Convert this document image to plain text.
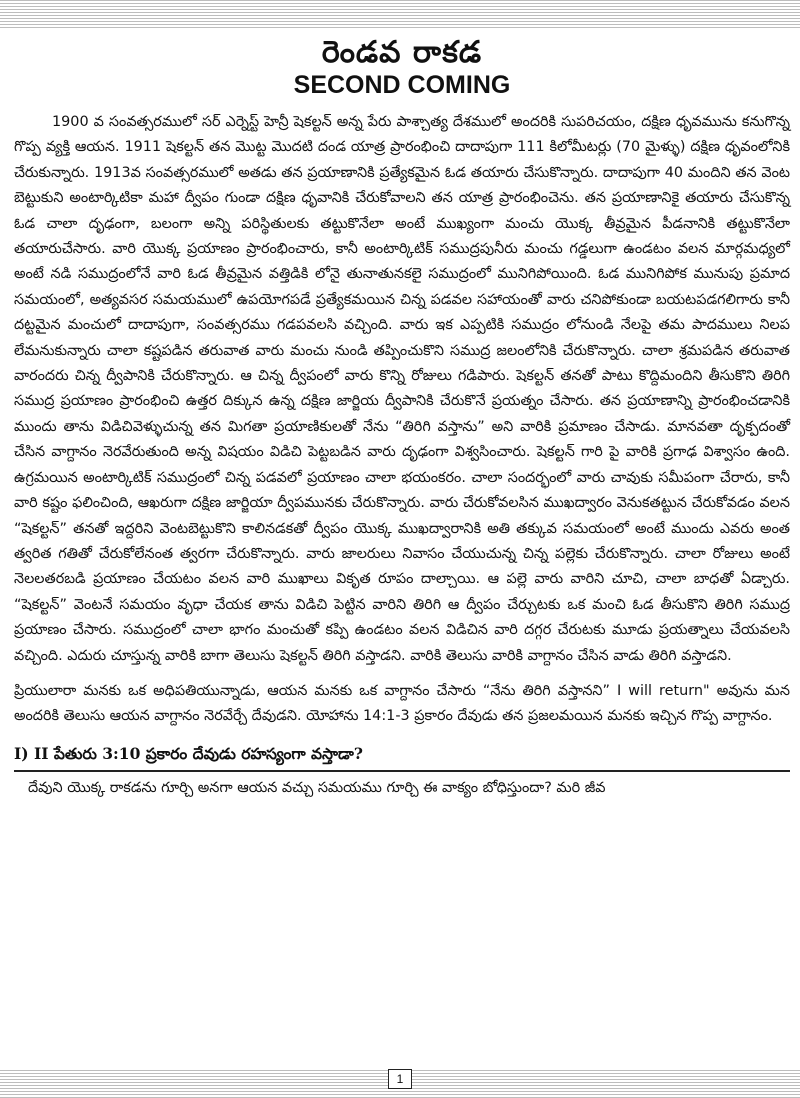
రెండవ రాకడ
SECOND COMING

1900 వ సంవత్సరములో సర్ ఎర్నెస్ట్ హెన్రీ షెకల్టన్ అన్న పేరు పాశ్చాత్య దేశములో అందరికి సుపరిచయం, దక్షిణ ధృవమును కనుగొన్న గొప్ప వ్యక్తి ఆయన. 1911 షెకల్టన్ తన మొట్ట మొదటి దండ యాత్ర ప్రారంభించి దాదాపుగా 111 కిలోమీటర్లు (70 మైళ్ళు) దక్షిణ ధృవంలోనికి చేరుకున్నారు. 1913వ సంవత్సరములో అతడు తన ప్రయాణానికి ప్రత్యేకమైన ఓడ తయారు చేసుకొన్నారు. దాదాపుగా 40 మందిని తన వెంట బెట్టుకుని అంటార్కిటికా మహా ద్వీపం గుండా దక్షిణ ధృవానికి చేరుకోవాలని తన యాత్ర ప్రారంభించెను. తన ప్రయాణానికై తయారు చేసుకొన్న ఓడ చాలా దృఢంగా, బలంగా అన్ని పరిస్థితులకు తట్టుకొనేలా అంటే ముఖ్యంగా మంచు యొక్క తీవ్రమైన పీడనానికి తట్టుకొనేలా తయారుచేసారు. వారి యొక్క ప్రయాణం ప్రారంభించారు, కానీ అంటార్కిటిక్ సముద్రపునీరు మంచు గడ్డలుగా ఉండటం వలన మార్గమధ్యలో అంటే నడి సముద్రంలోనే వారి ఓడ తీవ్రమైన వత్తిడికి లోనై తునాతునకలై సముద్రంలో మునిగిపోయింది. ఓడ మునిగిపోక మునుపు ప్రమాద సమయంలో, అత్యవసర సమయములో ఉపయోగపడే ప్రత్యేకమయిన చిన్న పడవల సహాయంతో వారు చనిపోకుండా బయటపడగలిగారు కానీ దట్టమైన మంచులో దాదాపుగా, సంవత్సరము గడపవలసి వచ్చింది. వారు ఇక ఎప్పటికి సముద్రం లోనుండి నేలపై తమ పాదములు నిలప లేమనుకున్నారు చాలా కష్టపడిన తరువాత వారు మంచు నుండి తప్పించుకొని సముద్ర జలంలోనికి చేరుకొన్నారు. చాలా శ్రమపడిన తరువాత వారందరు చిన్న ద్వీపానికి చేరుకొన్నారు. ఆ చిన్న ద్వీపంలో వారు కొన్ని రోజులు గడిపారు. షెకల్టన్ తనతో పాటు కొద్దిమందిని తీసుకొని తిరిగి సముద్ర ప్రయాణం ప్రారంభించి ఉత్తర దిక్కున ఉన్న దక్షిణ జార్జియ ద్వీపానికి చేరుకొనే ప్రయత్నం చేసారు. తన ప్రయాణాన్ని ప్రారంభించడానికి ముందు తాను విడిచివెళ్ళుచున్న తన మిగతా ప్రయాణికులతో నేను “తిరిగి వస్తాను” అని వారికి ప్రమాణం చేసాడు. మానవతా దృక్పదంతో చేసిన వాగ్దానం నెరవేరుతుంది అన్న విషయం విడిచి పెట్టబడిన వారు దృఢంగా విశ్వసించారు. షెకల్టన్ గారి పై వారికి ప్రగాఢ విశ్వాసం ఉంది. ఉగ్రమయిన అంటార్కిటిక్ సముద్రంలో చిన్న పడవలో ప్రయాణం చాలా భయంకరం. చాలా సందర్భంలో వారు చావుకు సమీపంగా చేరారు, కానీ వారి కష్టం ఫలించింది, ఆఖరుగా దక్షిణ జార్జియా ద్వీపమునకు చేరుకొన్నారు. వారు చేరుకోవలసిన ముఖద్వారం వెనుకతట్టున చేరుకోవడం వలన “షెకల్టన్” తనతో ఇద్దరిని వెంటబెట్టుకొని కాలినడకతో ద్వీపం యొక్క ముఖద్వారానికి అతి తక్కువ సమయంలో అంటే ముందు ఎవరు అంత త్వరిత గతితో చేరుకోలేనంత త్వరగా చేరుకొన్నారు. వారు జాలరులు నివాసం చేయుచున్న చిన్న పల్లెకు చేరుకొన్నారు. చాలా రోజులు అంటే నెలలతరబడి ప్రయాణం చేయటం వలన వారి ముఖాలు వికృత రూపం దాల్చాయి. ఆ పల్లె వారు వారిని చూచి, చాలా బాధతో ఏడ్చారు. “షెకల్టన్” వెంటనే సమయం వృధా చేయక తాను విడిచి పెట్టిన వారిని తిరిగి ఆ ద్వీపం చేర్చుటకు ఒక మంచి ఓడ తీసుకొని తిరిగి సముద్ర ప్రయాణం చేసారు. సముద్రంలో చాలా భాగం మంచుతో కప్పి ఉండటం వలన విడిచిన వారి దగ్గర చేరుటకు మూడు ప్రయత్నాలు చేయవలసి వచ్చింది. ఎదురు చూస్తున్న వారికి బాగా తెలుసు షెకల్టన్ తిరిగి వస్తాడని. వారికి తెలుసు వారికి వాగ్దానం చేసిన వాడు తిరిగి వస్తాడని.

ప్రియులారా మనకు ఒక అధిపతియున్నాడు, ఆయన మనకు ఒక వాగ్దానం చేసారు “నేను తిరిగి వస్తానని” I will return" అవును మన అందరికి తెలుసు ఆయన వాగ్దానం నెరవేర్చే దేవుడని. యోహాను 14:1-3 ప్రకారం దేవుడు తన ప్రజలమయిన మనకు ఇచ్చిన గొప్ప వాగ్దానం.

I) II పేతురు 3:10 ప్రకారం దేవుడు రహస్యంగా వస్తాడా?

దేవుని యొక్క రాకడను గూర్చి అనగా ఆయన వచ్చు సమయము గూర్చి ఈ వాక్యం బోధిస్తుందా? మరి జీవ

1
